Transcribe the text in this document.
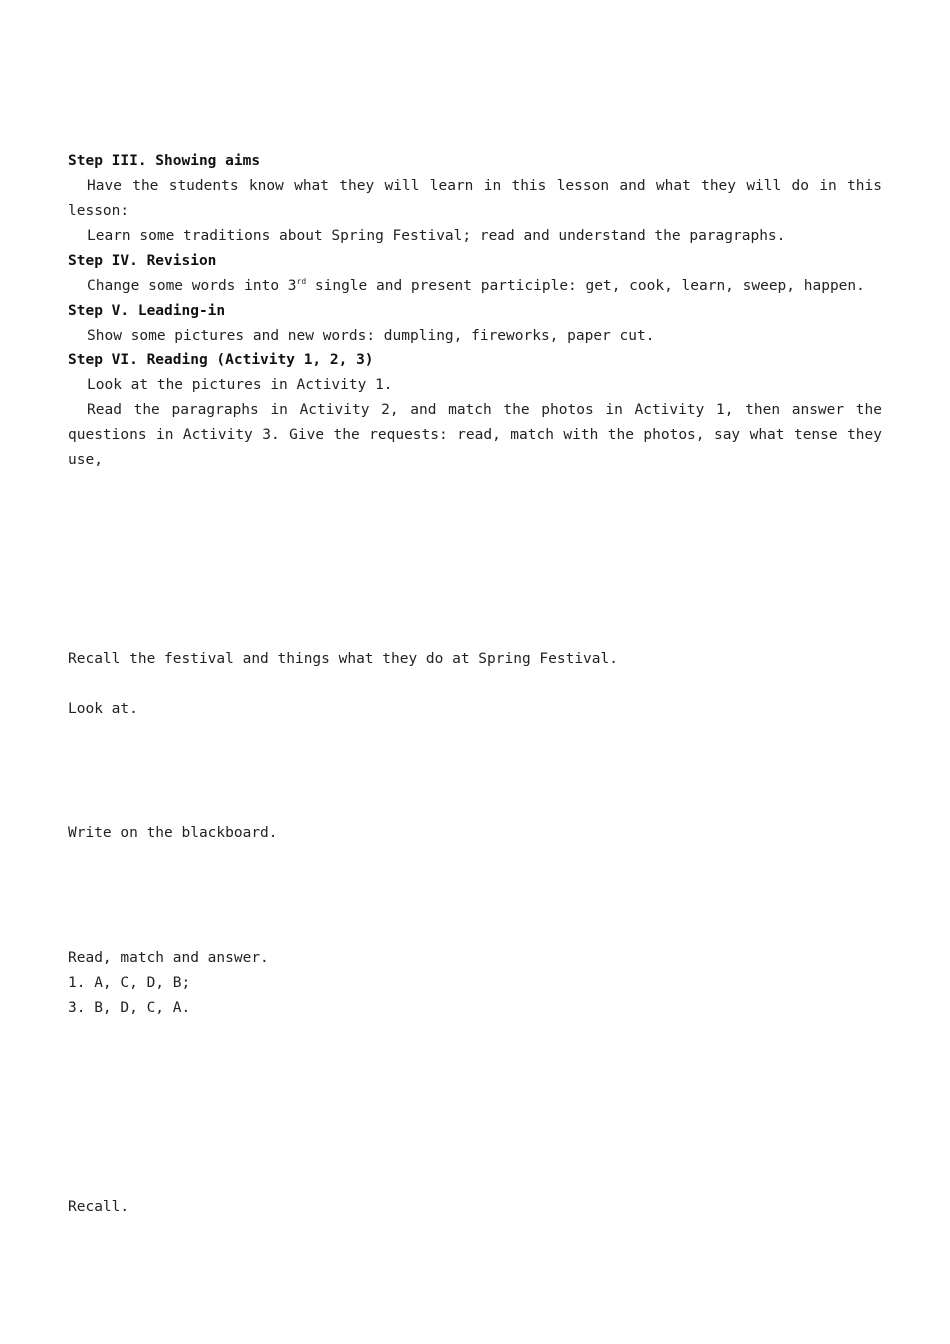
Step III. Showing aims
Have the students know what they will learn in this lesson and what they will do in this
lesson:
Learn some traditions about Spring Festival; read and understand the paragraphs.
Step IV. Revision
Change some words into 3rd single and present participle: get, cook, learn, sweep, happen.
Step V. Leading-in
Show some pictures and new words: dumpling, fireworks, paper cut.
Step VI. Reading (Activity 1, 2, 3)
Look at the pictures in Activity 1.
Read the paragraphs in Activity 2, and match the photos in Activity 1, then answer the
questions in Activity 3. Give the requests: read, match with the photos, say what tense they
use,
Recall the festival and things what they do at Spring Festival.
Look at.
Write on the blackboard.
Read, match and answer.
1. A, C, D, B;
3. B, D, C, A.
Recall.
